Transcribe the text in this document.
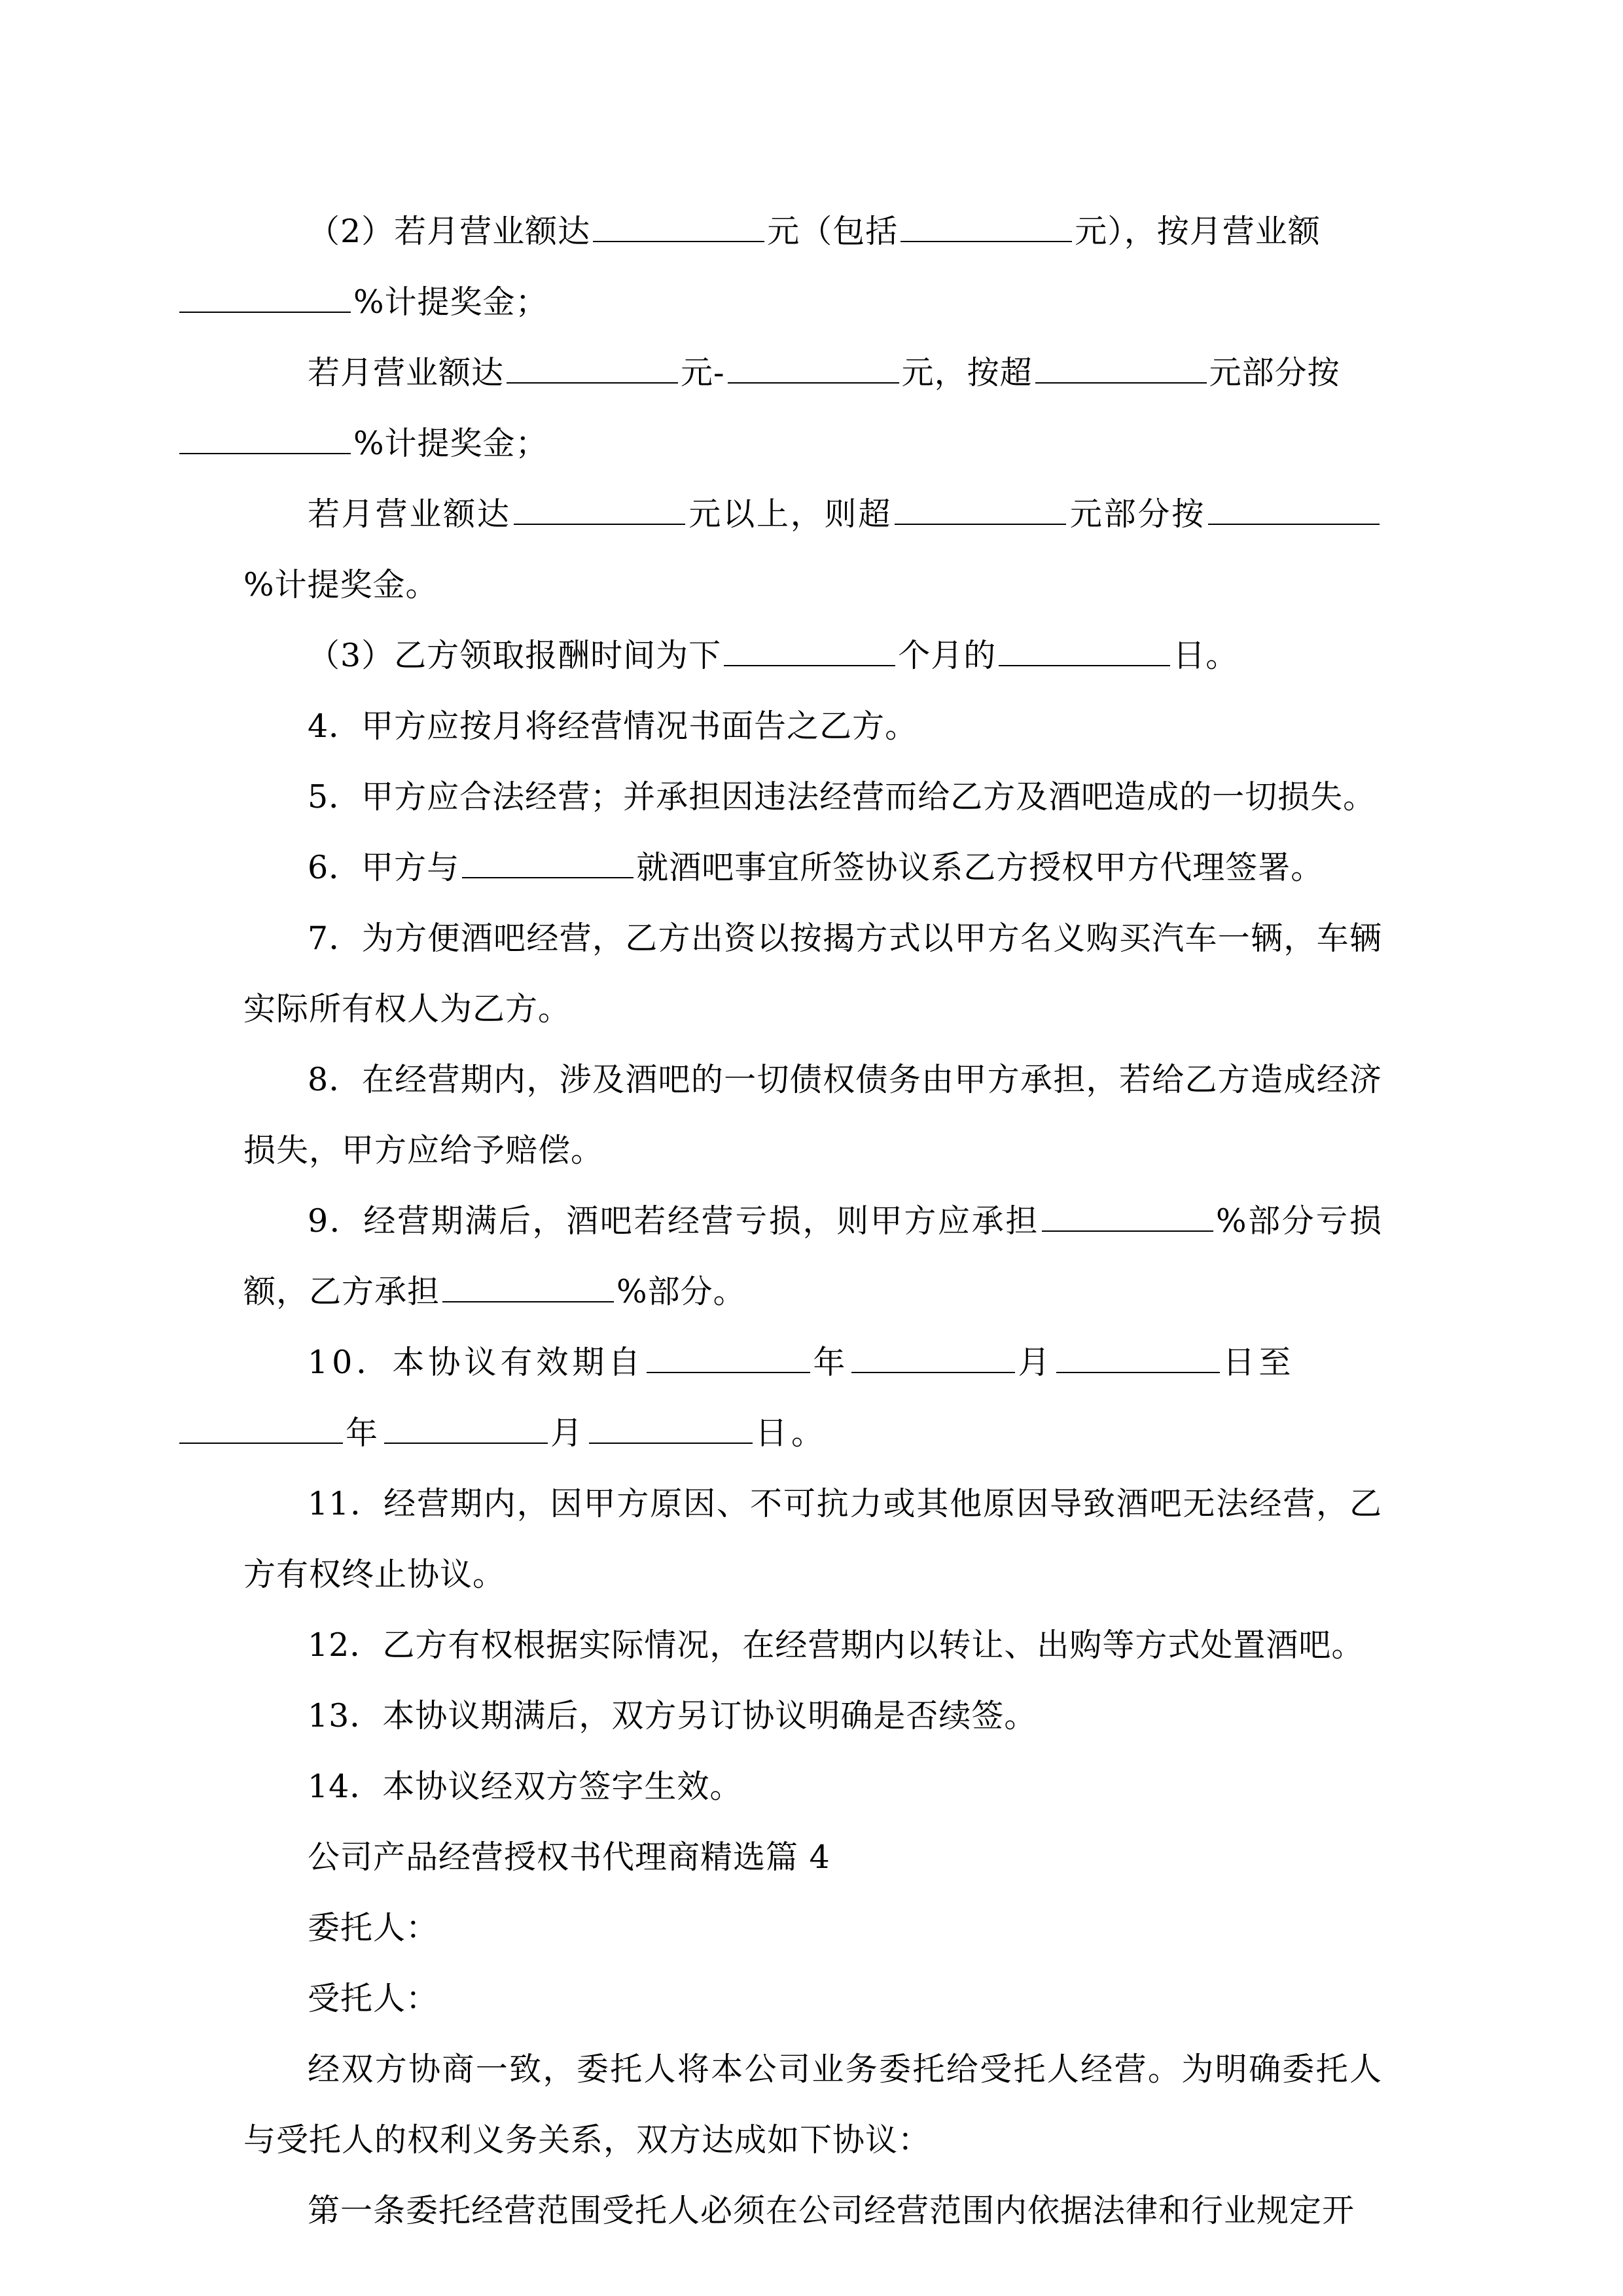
（2）若月营业额达	元（包括	元），按月营业额
%计提奖金；

若月营业额达	元-	元，按超	元部分按
%计提奖金；

若月营业额达	元以上，则超	元部分按%计提奖金。

（3）乙方领取报酬时间为下	个月的	日。

4．甲方应按月将经营情况书面告之乙方。

5．甲方应合法经营；并承担因违法经营而给乙方及酒吧造成的一切损失。

6．甲方与	就酒吧事宜所签协议系乙方授权甲方代理签署。

7．为方便酒吧经营，乙方出资以按揭方式以甲方名义购买汽车一辆，车辆实际所有权人为乙方。

8．在经营期内，涉及酒吧的一切债权债务由甲方承担，若给乙方造成经济损失，甲方应给予赔偿。

9．经营期满后，酒吧若经营亏损，则甲方应承担	%部分亏损额，乙方承担	%部分。

10．本协议有效期自	年	月	日至
年	月	日。

11．经营期内，因甲方原因、不可抗力或其他原因导致酒吧无法经营，乙方有权终止协议。

12．乙方有权根据实际情况，在经营期内以转让、出购等方式处置酒吧。

13．本协议期满后，双方另订协议明确是否续签。

14．本协议经双方签字生效。

公司产品经营授权书代理商精选篇 4

委托人：

受托人：

经双方协商一致，委托人将本公司业务委托给受托人经营。为明确委托人与受托人的权利义务关系，双方达成如下协议：

第一条委托经营范围受托人必须在公司经营范围内依据法律和行业规定开
